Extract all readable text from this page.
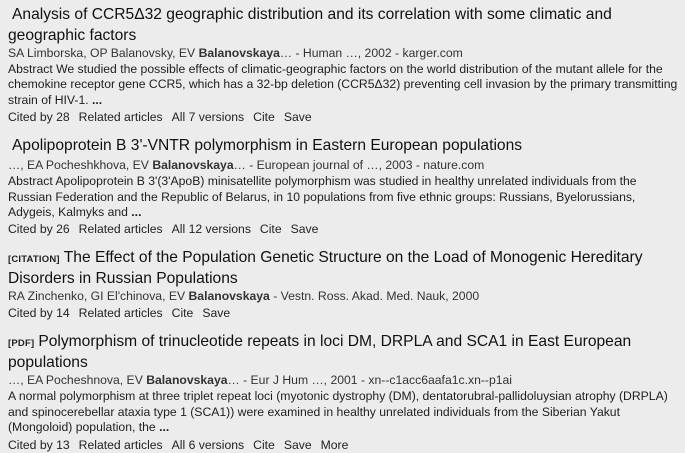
Analysis of CCR5Δ32 geographic distribution and its correlation with some climatic and geographic factors
SA Limborska, OP Balanovsky, EV Balanovskaya… - Human …, 2002 - karger.com
Abstract We studied the possible effects of climatic-geographic factors on the world distribution of the mutant allele for the chemokine receptor gene CCR5, which has a 32-bp deletion (CCR5Δ32) preventing cell invasion by the primary transmitting strain of HIV-1. ...
Cited by 28 Related articles All 7 versions Cite Save
Apolipoprotein B 3'-VNTR polymorphism in Eastern European populations
…, EA Pocheshkhova, EV Balanovskaya… - European journal of …, 2003 - nature.com
Abstract Apolipoprotein B 3'(3'ApoB) minisatellite polymorphism was studied in healthy unrelated individuals from the Russian Federation and the Republic of Belarus, in 10 populations from five ethnic groups: Russians, Byelorussians, Adygeis, Kalmyks and ...
Cited by 26 Related articles All 12 versions Cite Save
[CITATION] The Effect of the Population Genetic Structure on the Load of Monogenic Hereditary Disorders in Russian Populations
RA Zinchenko, GI El'chinova, EV Balanovskaya - Vestn. Ross. Akad. Med. Nauk, 2000
Cited by 14 Related articles Cite Save
[PDF] Polymorphism of trinucleotide repeats in loci DM, DRPLA and SCA1 in East European populations
…, EA Pocheshnova, EV Balanovskaya… - Eur J Hum …, 2001 - xn--c1acc6aafa1c.xn--p1ai
A normal polymorphism at three triplet repeat loci (myotonic dystrophy (DM), dentatorubral-pallidoluysian atrophy (DRPLA) and spinocerebellar ataxia type 1 (SCA1)) were examined in healthy unrelated individuals from the Siberian Yakut (Mongoloid) population, the ...
Cited by 13 Related articles All 6 versions Cite Save More
